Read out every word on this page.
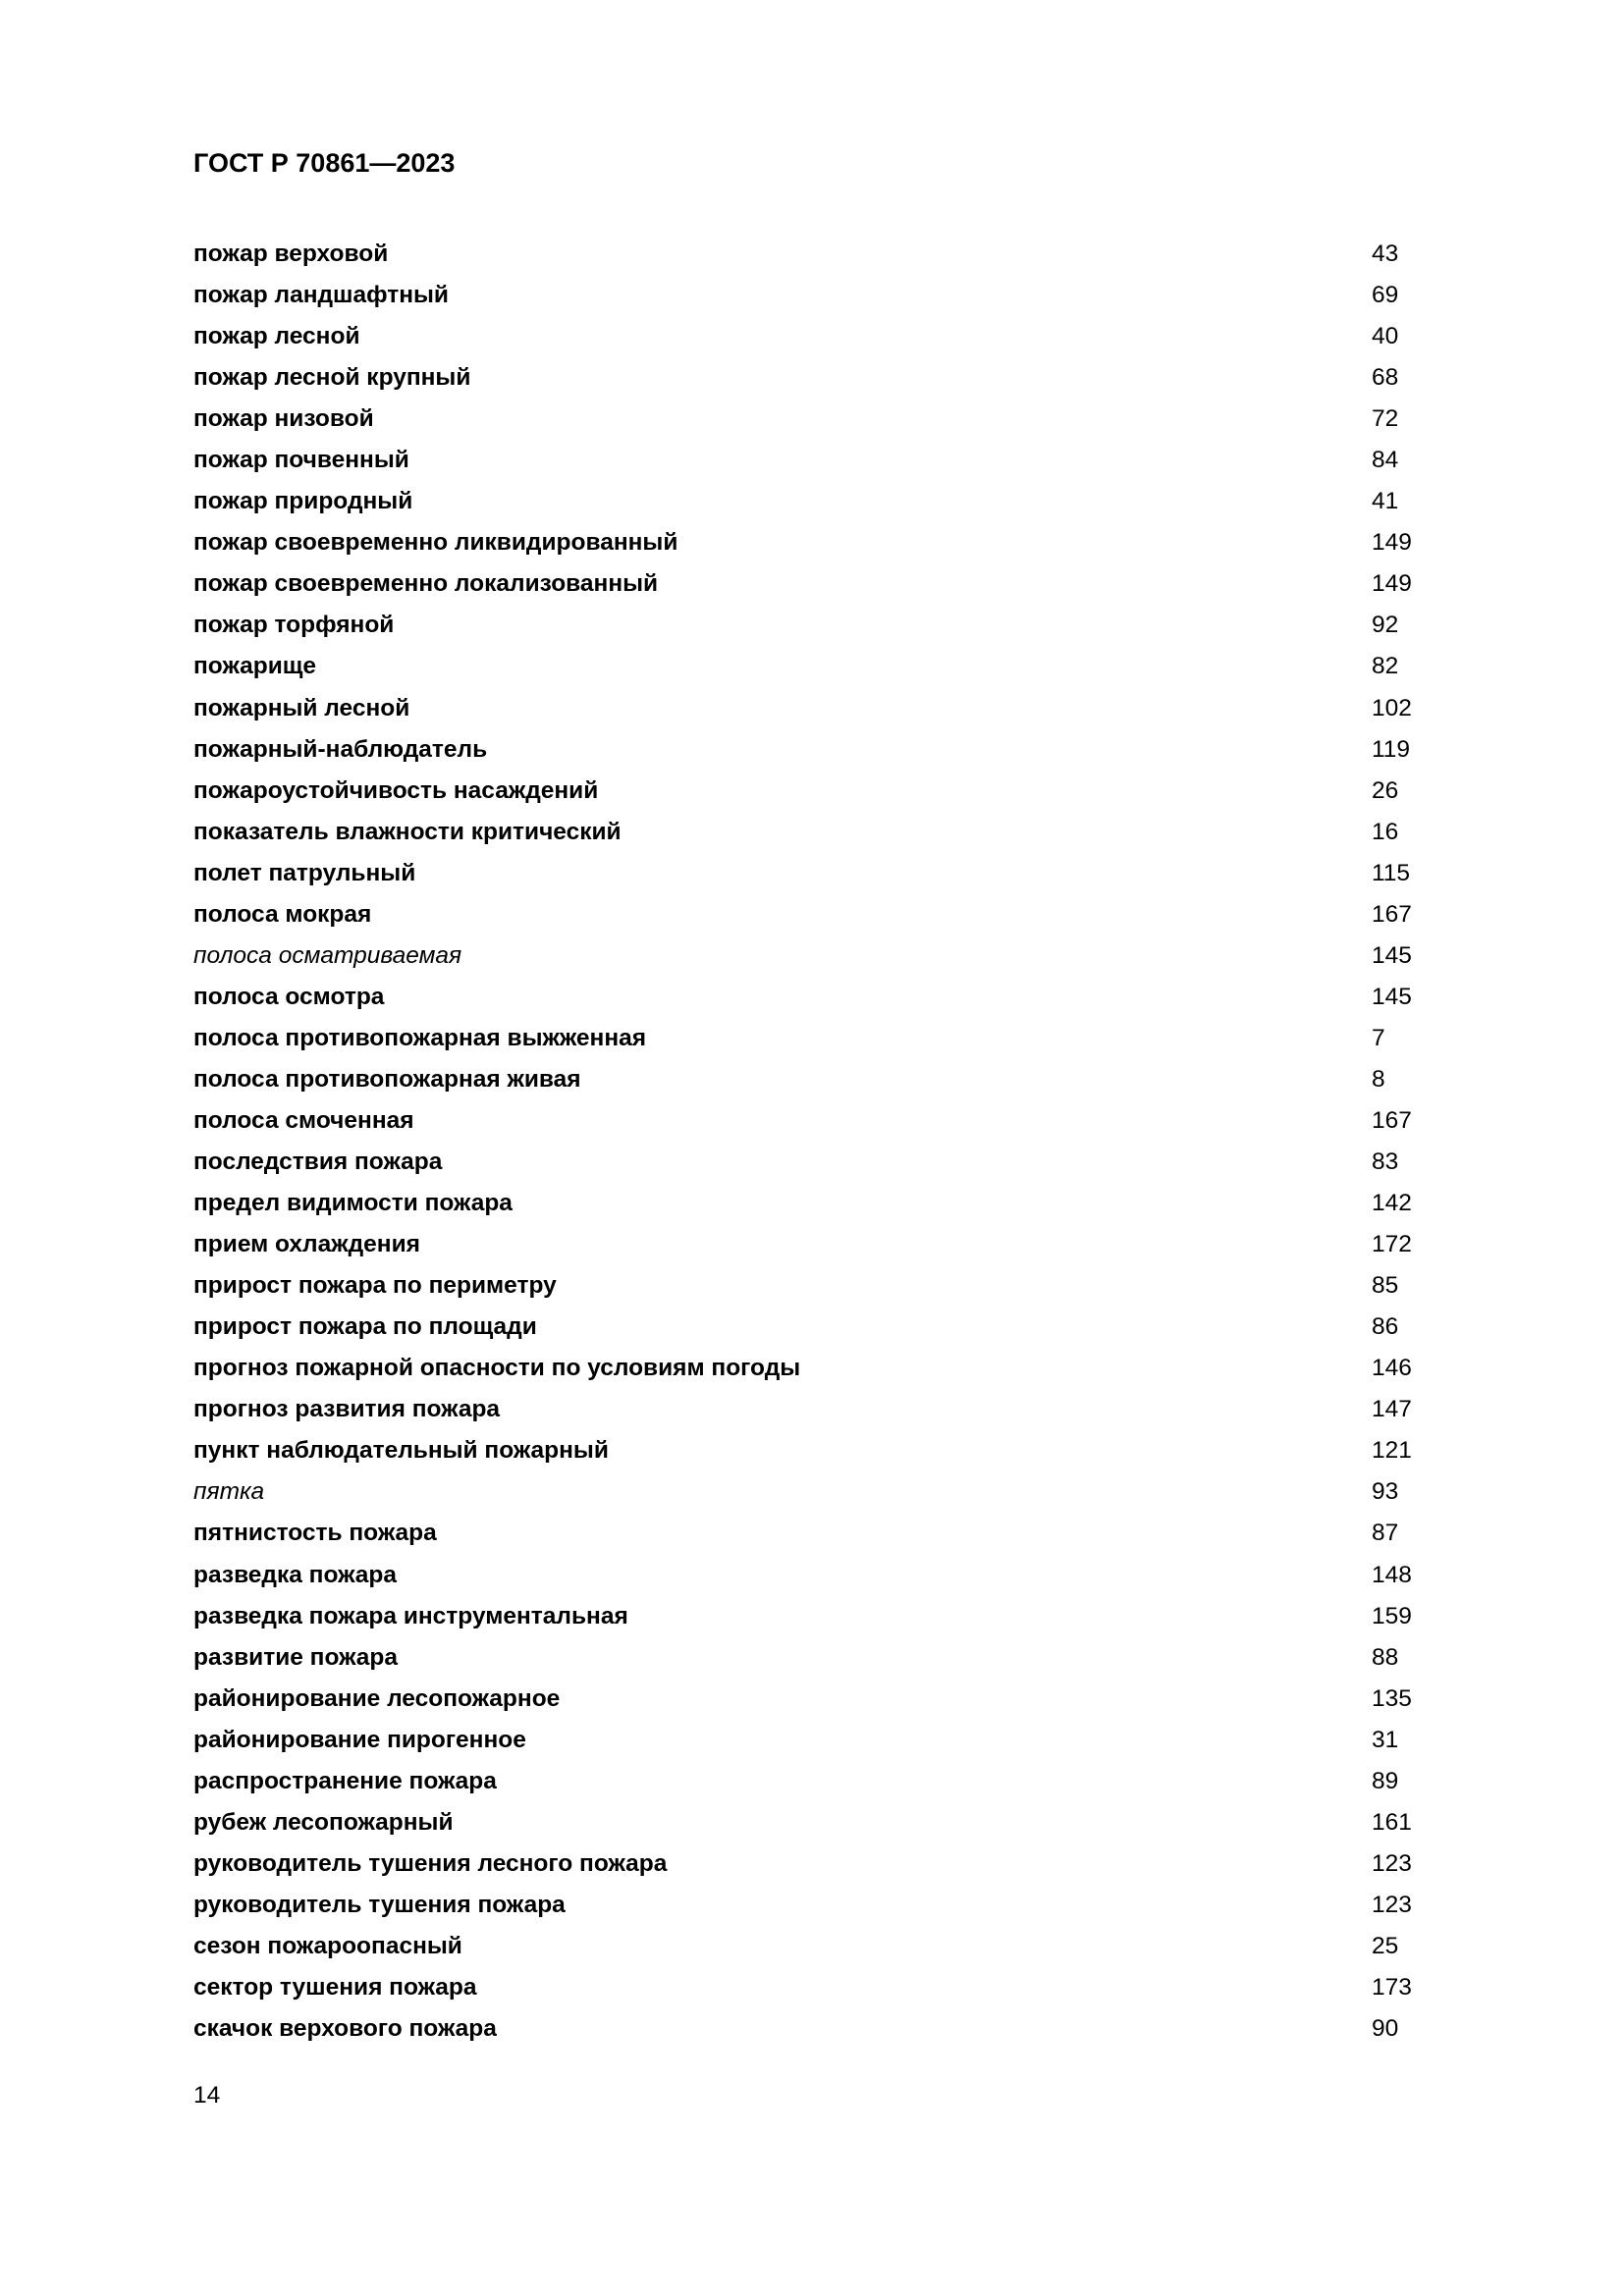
ГОСТ Р 70861—2023
пожар верховой	43
пожар ландшафтный	69
пожар лесной	40
пожар лесной крупный	68
пожар низовой	72
пожар почвенный	84
пожар природный	41
пожар своевременно ликвидированный	149
пожар своевременно локализованный	149
пожар торфяной	92
пожарище	82
пожарный лесной	102
пожарный-наблюдатель	119
пожароустойчивость насаждений	26
показатель влажности критический	16
полет патрульный	115
полоса мокрая	167
полоса осматриваемая	145
полоса осмотра	145
полоса противопожарная выжженная	7
полоса противопожарная живая	8
полоса смоченная	167
последствия пожара	83
предел видимости пожара	142
прием охлаждения	172
прирост пожара по периметру	85
прирост пожара по площади	86
прогноз пожарной опасности по условиям погоды	146
прогноз развития пожара	147
пункт наблюдательный пожарный	121
пятка	93
пятнистость пожара	87
разведка пожара	148
разведка пожара инструментальная	159
развитие пожара	88
районирование лесопожарное	135
районирование пирогенное	31
распространение пожара	89
рубеж лесопожарный	161
руководитель тушения лесного пожара	123
руководитель тушения пожара	123
сезон пожароопасный	25
сектор тушения пожара	173
скачок верхового пожара	90
14
